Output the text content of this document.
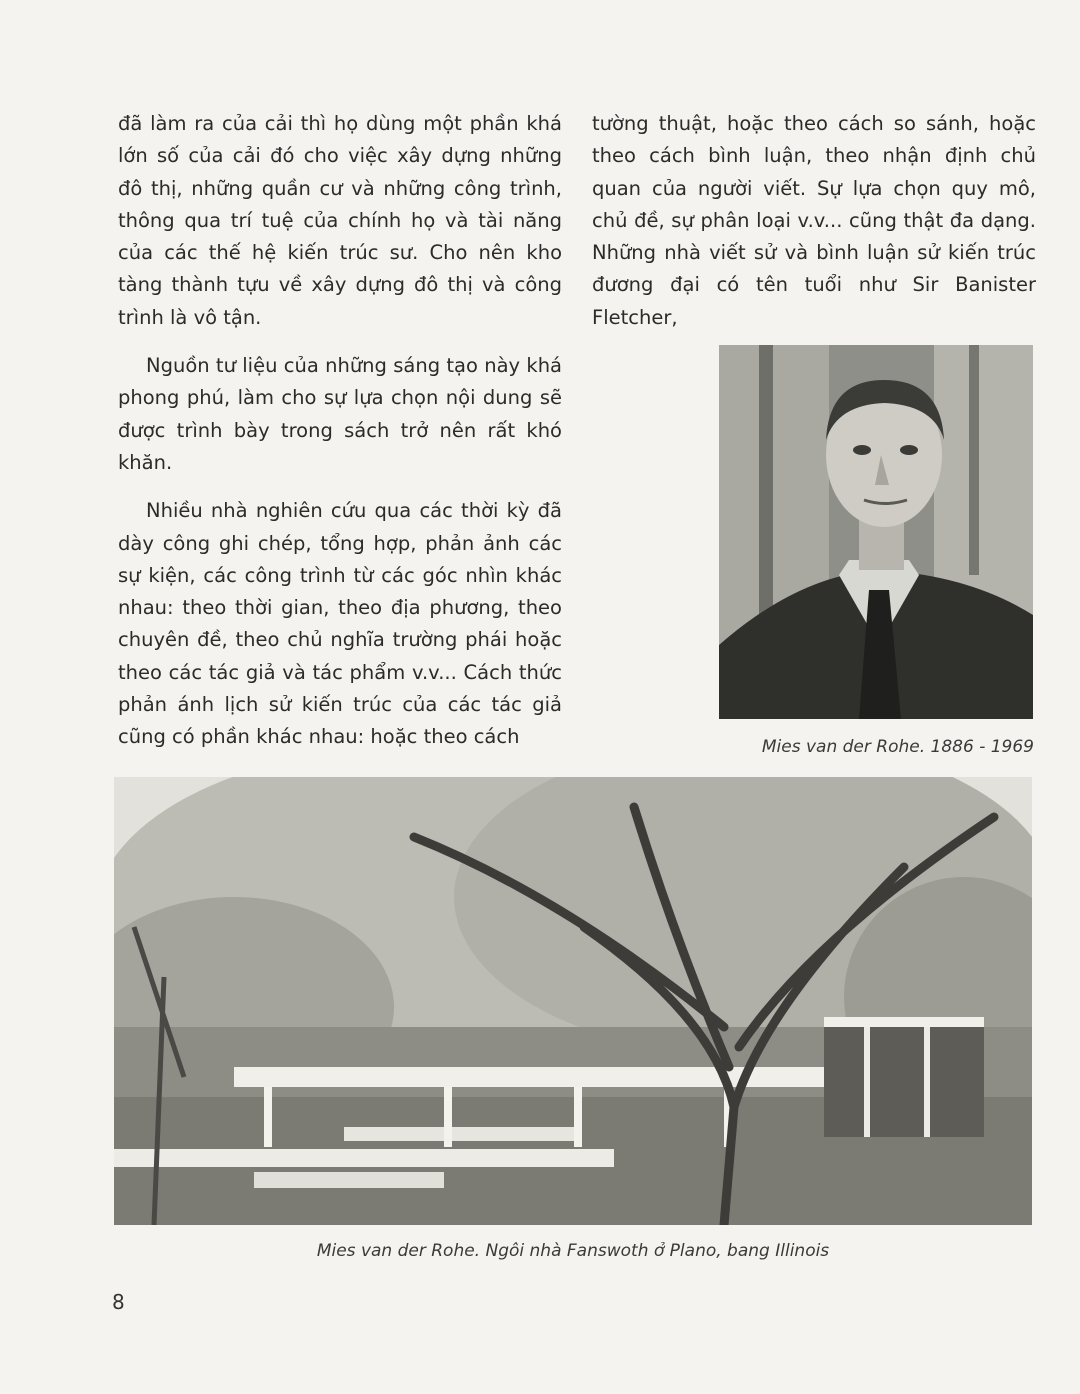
đã làm ra của cải thì họ dùng một phần khá lớn số của cải đó cho việc xây dựng những đô thị, những quần cư và những công trình, thông qua trí tuệ của chính họ và tài năng của các thế hệ kiến trúc sư. Cho nên kho tàng thành tựu về xây dựng đô thị và công trình là vô tận.

Nguồn tư liệu của những sáng tạo này khá phong phú, làm cho sự lựa chọn nội dung sẽ được trình bày trong sách trở nên rất khó khăn.

Nhiều nhà nghiên cứu qua các thời kỳ đã dày công ghi chép, tổng hợp, phản ảnh các sự kiện, các công trình từ các góc nhìn khác nhau: theo thời gian, theo địa phương, theo chuyên đề, theo chủ nghĩa trường phái hoặc theo các tác giả và tác phẩm v.v... Cách thức phản ánh lịch sử kiến trúc của các tác giả cũng có phần khác nhau: hoặc theo cách

tường thuật, hoặc theo cách so sánh, hoặc theo cách bình luận, theo nhận định chủ quan của người viết. Sự lựa chọn quy mô, chủ đề, sự phân loại v.v... cũng thật đa dạng. Những nhà viết sử và bình luận sử kiến trúc đương đại có tên tuổi như Sir Banister Fletcher,

Mies van der Rohe. 1886 - 1969
Mies van der Rohe. Ngôi nhà Fanswoth ở Plano, bang Illinois
8
